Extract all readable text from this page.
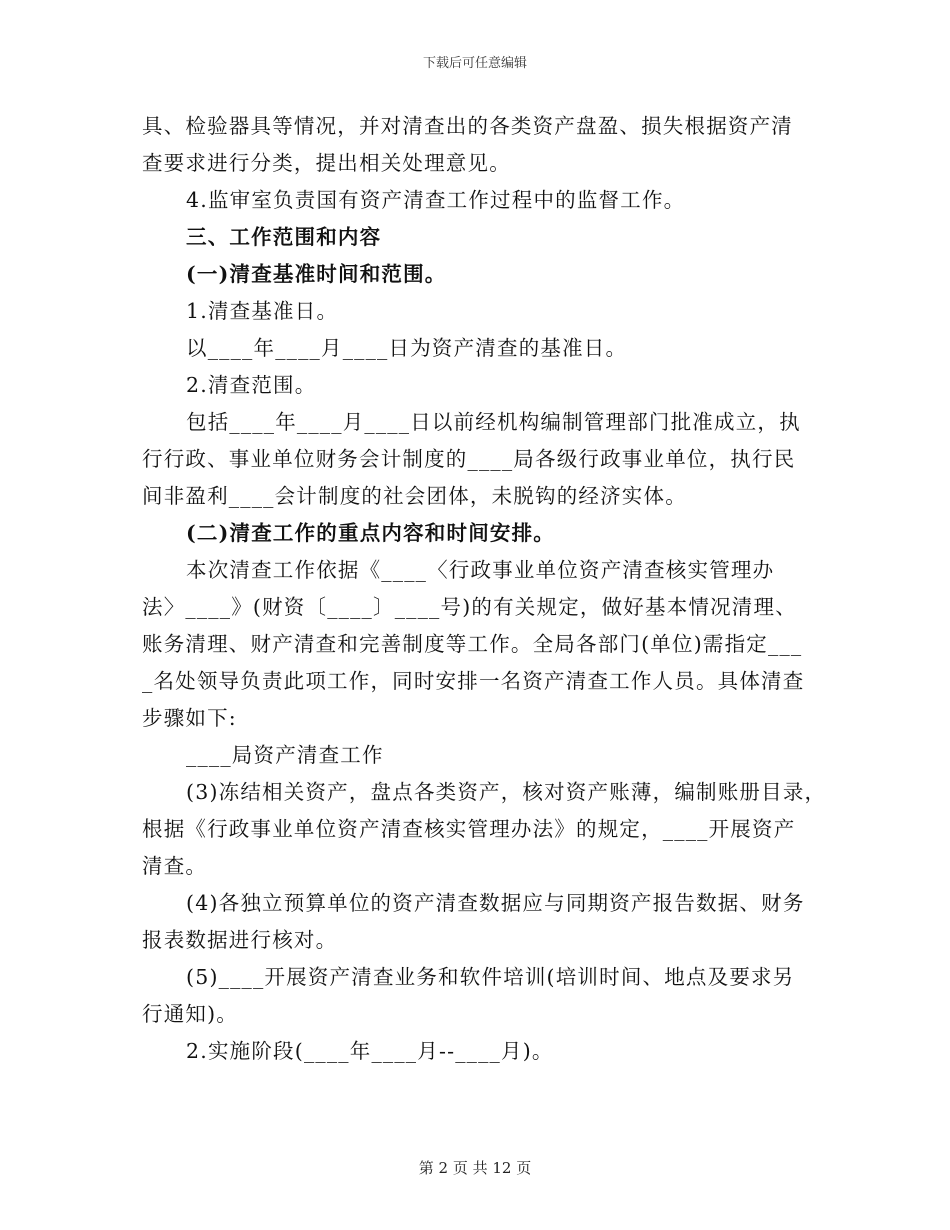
下载后可任意编辑
具、检验器具等情况，并对清查出的各类资产盘盈、损失根据资产清
查要求进行分类，提出相关处理意见。
4.监审室负责国有资产清查工作过程中的监督工作。
三、工作范围和内容
(一)清查基准时间和范围。
1.清查基准日。
以____年____月____日为资产清查的基准日。
2.清查范围。
包括____年____月____日以前经机构编制管理部门批准成立，执
行行政、事业单位财务会计制度的____局各级行政事业单位，执行民
间非盈利____会计制度的社会团体，未脱钩的经济实体。
(二)清查工作的重点内容和时间安排。
本次清查工作依据《____〈行政事业单位资产清查核实管理办
法〉____》(财资〔____〕____号)的有关规定，做好基本情况清理、
账务清理、财产清查和完善制度等工作。全局各部门(单位)需指定___
_名处领导负责此项工作，同时安排一名资产清查工作人员。具体清查
步骤如下:
____局资产清查工作
(3)冻结相关资产，盘点各类资产，核对资产账薄，编制账册目录，
根据《行政事业单位资产清查核实管理办法》的规定，____开展资产
清查。
(4)各独立预算单位的资产清查数据应与同期资产报告数据、财务
报表数据进行核对。
(5)____开展资产清查业务和软件培训(培训时间、地点及要求另
行通知)。
2.实施阶段(____年____月--____月)。
第 2 页 共 12 页
